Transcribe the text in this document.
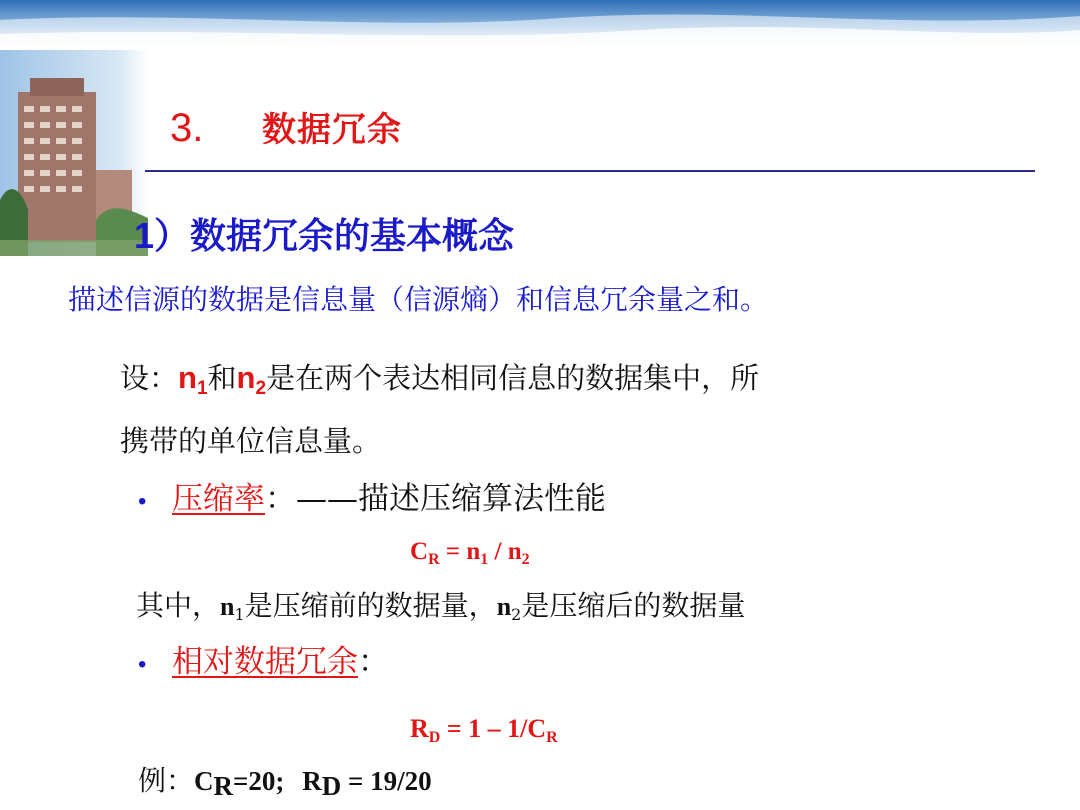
3. 数据冗余
1）数据冗余的基本概念
描述信源的数据是信息量（信源熵）和信息冗余量之和。
设：$n_1$和$n_2$是在两个表达相同信息的数据集中，所
携带的单位信息量。
• 压缩率：——描述压缩算法性能
$C_R = n_1 / n_2$
其中，$n_1$是压缩前的数据量，$n_2$是压缩后的数据量
• 相对数据冗余：
$R_D = 1 - 1/C_R$
例：$C_R=20$; $R_D = 19/20$
